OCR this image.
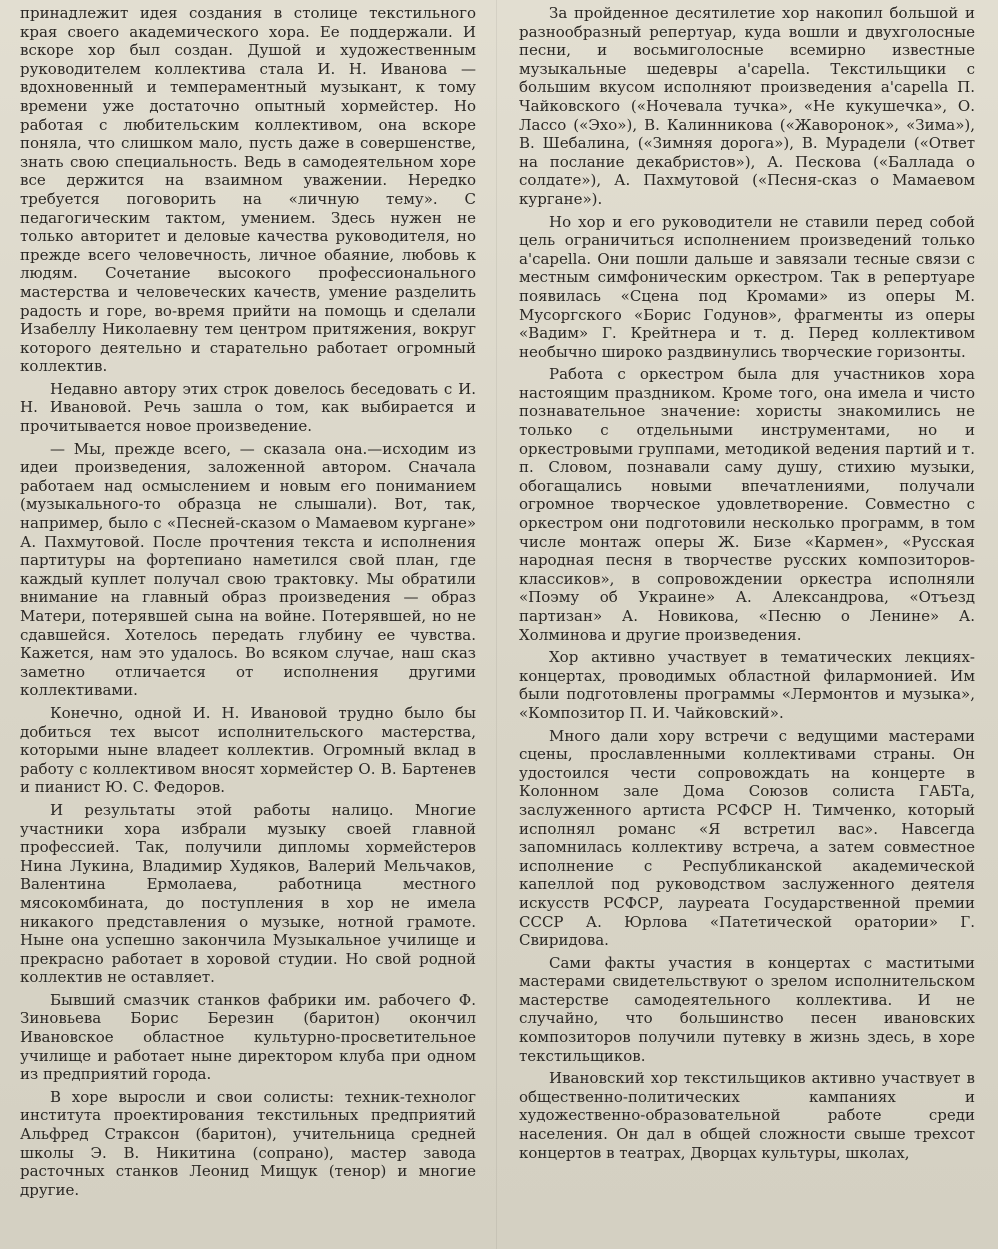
принадлежит идея создания в столице текстильного края своего академического хора. Ее поддержали. И вскоре хор был создан. Душой и художественным руководителем коллектива стала И. Н. Иванова — вдохновенный и темпераментный музыкант, к тому времени уже достаточно опытный хормейстер. Но работая с любительским коллективом, она вскоре поняла, что слишком мало, пусть даже в совершенстве, знать свою специальность. Ведь в самодеятельном хоре все держится на взаимном уважении. Нередко требуется поговорить на «личную тему». С педагогическим тактом, умением. Здесь нужен не только авторитет и деловые качества руководителя, но прежде всего человечность, личное обаяние, любовь к людям. Сочетание высокого профессионального мастерства и человеческих качеств, умение разделить радость и горе, во-время прийти на помощь и сделали Изабеллу Николаевну тем центром притяжения, вокруг которого деятельно и старательно работает огромный коллектив.

Недавно автору этих строк довелось беседовать с И. Н. Ивановой. Речь зашла о том, как выбирается и прочитывается новое произведение.

— Мы, прежде всего, — сказала она.—исходим из идеи произведения, заложенной автором. Сначала работаем над осмыслением и новым его пониманием (музыкального-то образца не слышали). Вот, так, например, было с «Песней-сказом о Мамаевом кургане» А. Пахмутовой. После прочтения текста и исполнения партитуры на фортепиано наметился свой план, где каждый куплет получал свою трактовку. Мы обратили внимание на главный образ произведения — образ Матери, потерявшей сына на войне. Потерявшей, но не сдавшейся. Хотелось передать глубину ее чувства. Кажется, нам это удалось. Во всяком случае, наш сказ заметно отличается от исполнения другими коллективами.

Конечно, одной И. Н. Ивановой трудно было бы добиться тех высот исполнительского мастерства, которыми ныне владеет коллектив. Огромный вклад в работу с коллективом вносят хормейстер О. В. Бартенев и пианист Ю. С. Федоров.

И результаты этой работы налицо. Многие участники хора избрали музыку своей главной профессией. Так, получили дипломы хормейстеров Нина Лукина, Владимир Худяков, Валерий Мельчаков, Валентина Ермолаева, работница местного мясокомбината, до поступления в хор не имела никакого представления о музыке, нотной грамоте. Ныне она успешно закончила Музыкальное училище и прекрасно работает в хоровой студии. Но свой родной коллектив не оставляет.

Бывший смазчик станков фабрики им. рабочего Ф. Зиновьева Борис Березин (баритон) окончил Ивановское областное культурно-просветительное училище и работает ныне директором клуба при одном из предприятий города.

В хоре выросли и свои солисты: техник-технолог института проектирования текстильных предприятий Альфред Страксон (баритон), учительница средней школы Э. В. Никитина (сопрано), мастер завода расточных станков Леонид Мищук (тенор) и многие другие.

За пройденное десятилетие хор накопил большой и разнообразный репертуар, куда вошли и двухголосные песни, и восьмиголосные всемирно известные музыкальные шедевры a'capella. Текстильщики с большим вкусом исполняют произведения a'capella П. Чайковского («Ночевала тучка», «Не кукушечка», О. Лассо («Эхо»), В. Калинникова («Жаворонок», «Зима»), В. Шебалина, («Зимняя дорога»), В. Мурадели («Ответ на послание декабристов»), А. Пескова («Баллада о солдате»), А. Пахмутовой («Песня-сказ о Мамаевом кургане»).

Но хор и его руководители не ставили перед собой цель ограничиться исполнением произведений только a'capella. Они пошли дальше и завязали тесные связи с местным симфоническим оркестром. Так в репертуаре появилась «Сцена под Кромами» из оперы М. Мусоргского «Борис Годунов», фрагменты из оперы «Вадим» Г. Крейтнера и т. д. Перед коллективом необычно широко раздвинулись творческие горизонты.

Работа с оркестром была для участников хора настоящим праздником. Кроме того, она имела и чисто познавательное значение: хористы знакомились не только с отдельными инструментами, но и оркестровыми группами, методикой ведения партий и т. п. Словом, познавали саму душу, стихию музыки, обогащались новыми впечатлениями, получали огромное творческое удовлетворение. Совместно с оркестром они подготовили несколько программ, в том числе монтаж оперы Ж. Бизе «Кармен», «Русская народная песня в творчестве русских композиторов-классиков», в сопровождении оркестра исполняли «Поэму об Украине» А. Александрова, «Отъезд партизан» А. Новикова, «Песню о Ленине» А. Холминова и другие произведения.

Хор активно участвует в тематических лекциях-концертах, проводимых областной филармонией. Им были подготовлены программы «Лермонтов и музыка», «Композитор П. И. Чайковский».

Много дали хору встречи с ведущими мастерами сцены, прославленными коллективами страны. Он удостоился чести сопровождать на концерте в Колонном зале Дома Союзов солиста ГАБТа, заслуженного артиста РСФСР Н. Тимченко, который исполнял романс «Я встретил вас». Навсегда запомнилась коллективу встреча, а затем совместное исполнение с Республиканской академической капеллой под руководством заслуженного деятеля искусств РСФСР, лауреата Государственной премии СССР А. Юрлова «Патетической оратории» Г. Свиридова.

Сами факты участия в концертах с маститыми мастерами свидетельствуют о зрелом исполнительском мастерстве самодеятельного коллектива. И не случайно, что большинство песен ивановских композиторов получили путевку в жизнь здесь, в хоре текстильщиков.

Ивановский хор текстильщиков активно участвует в общественно-политических кампаниях и художественно-образовательной работе среди населения. Он дал в общей сложности свыше трехсот концертов в театрах, Дворцах культуры, школах,
